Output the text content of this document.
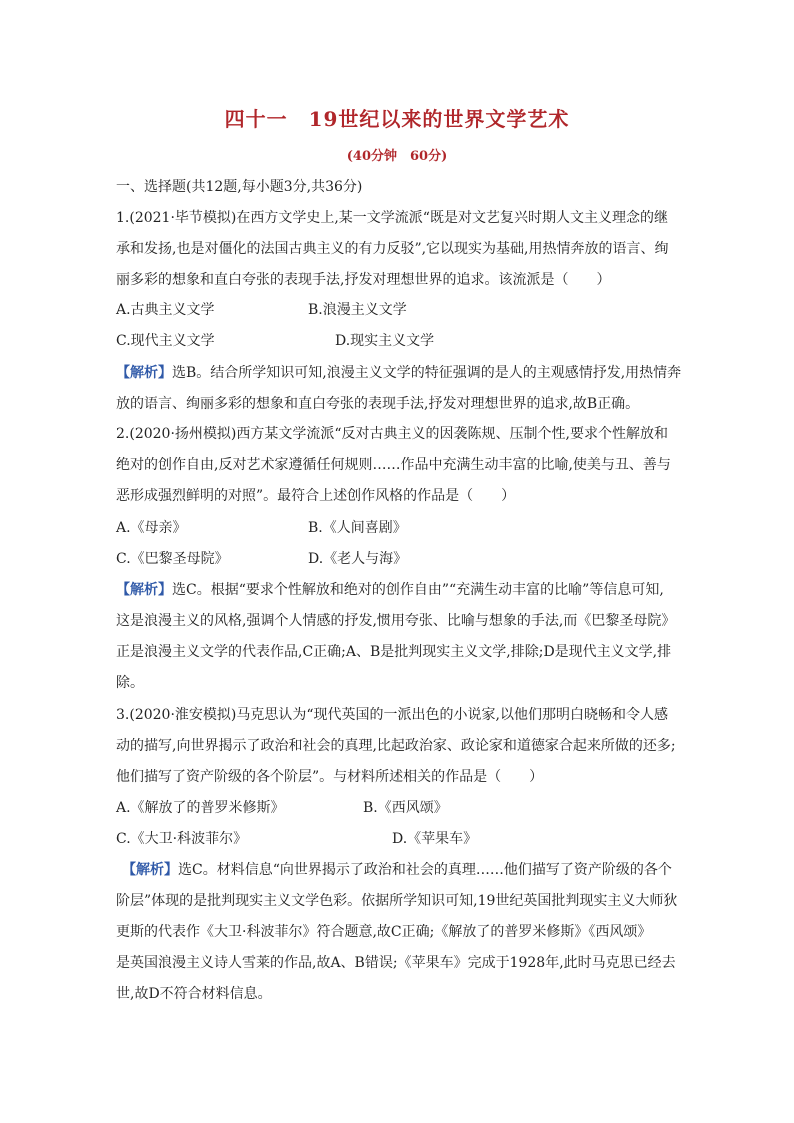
四十一　19世纪以来的世界文学艺术
(40分钟　60分)
一、选择题(共12题,每小题3分,共36分)
1.(2021·毕节模拟)在西方文学史上,某一文学流派“既是对文艺复兴时期人文主义理念的继
承和发扬,也是对僵化的法国古典主义的有力反驳”,它以现实为基础,用热情奔放的语言、绚
丽多彩的想象和直白夸张的表现手法,抒发对理想世界的追求。该流派是（　　）
A.古典主义文学	B.浪漫主义文学
C.现代主义文学	D.现实主义文学
【解析】选B。结合所学知识可知,浪漫主义文学的特征强调的是人的主观感情抒发,用热情奔
放的语言、绚丽多彩的想象和直白夸张的表现手法,抒发对理想世界的追求,故B正确。
2.(2020·扬州模拟)西方某文学流派“反对古典主义的因袭陈规、压制个性,要求个性解放和
绝对的创作自由,反对艺术家遵循任何规则……作品中充满生动丰富的比喻,使美与丑、善与
恶形成强烈鲜明的对照”。最符合上述创作风格的作品是（　　）
A.《母亲》	B.《人间喜剧》
C.《巴黎圣母院》	D.《老人与海》
【解析】选C。根据“要求个性解放和绝对的创作自由”“充满生动丰富的比喻”等信息可知,
这是浪漫主义的风格,强调个人情感的抒发,惯用夸张、比喻与想象的手法,而《巴黎圣母院》
正是浪漫主义文学的代表作品,C正确;A、B是批判现实主义文学,排除;D是现代主义文学,排
除。
3.(2020·淮安模拟)马克思认为“现代英国的一派出色的小说家,以他们那明白晓畅和令人感
动的描写,向世界揭示了政治和社会的真理,比起政治家、政论家和道德家合起来所做的还多;
他们描写了资产阶级的各个阶层”。与材料所述相关的作品是（　　）
A.《解放了的普罗米修斯》	B.《西风颂》
C.《大卫·科波菲尔》	D.《苹果车》
【解析】选C。材料信息“向世界揭示了政治和社会的真理……他们描写了资产阶级的各个
阶层”体现的是批判现实主义文学色彩。依据所学知识可知,19世纪英国批判现实主义大师狄
更斯的代表作《大卫·科波菲尔》符合题意,故C正确;《解放了的普罗米修斯》《西风颂》
是英国浪漫主义诗人雪莱的作品,故A、B错误;《苹果车》完成于1928年,此时马克思已经去
世,故D不符合材料信息。
